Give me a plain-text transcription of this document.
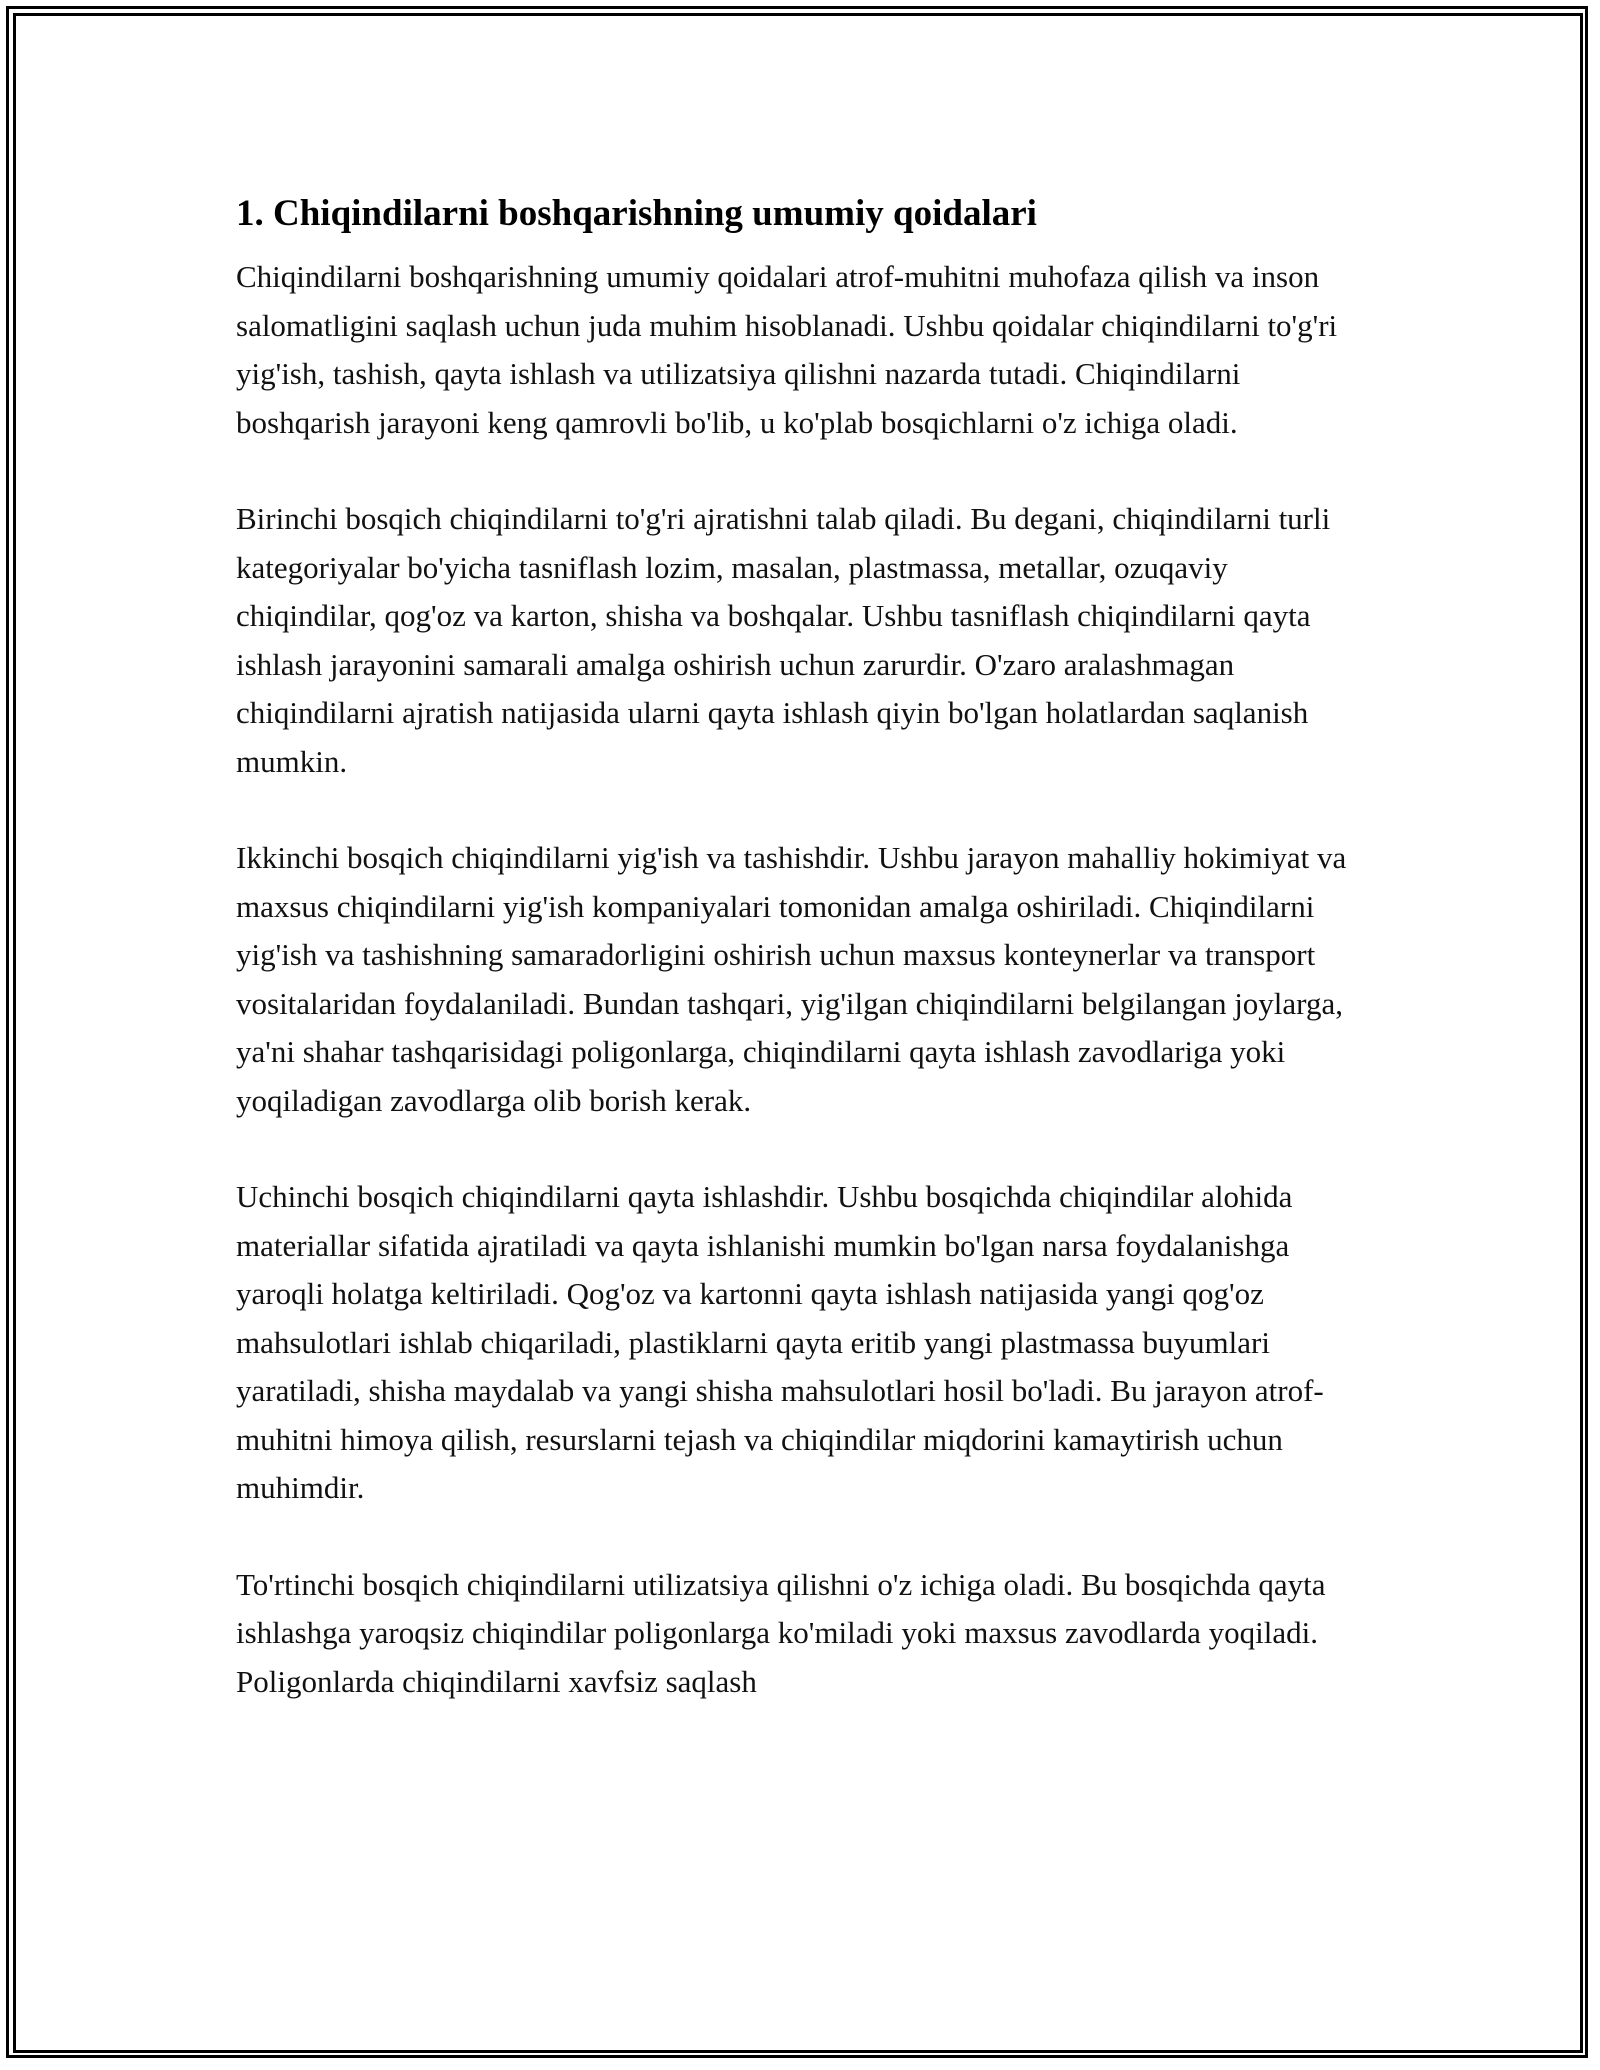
1. Chiqindilarni boshqarishning umumiy qoidalari

Chiqindilarni boshqarishning umumiy qoidalari atrof-muhitni muhofaza qilish va inson salomatligini saqlash uchun juda muhim hisoblanadi. Ushbu qoidalar chiqindilarni to'g'ri yig'ish, tashish, qayta ishlash va utilizatsiya qilishni nazarda tutadi. Chiqindilarni boshqarish jarayoni keng qamrovli bo'lib, u ko'plab bosqichlarni o'z ichiga oladi.

Birinchi bosqich chiqindilarni to'g'ri ajratishni talab qiladi. Bu degani, chiqindilarni turli kategoriyalar bo'yicha tasniflash lozim, masalan, plastmassa, metallar, ozuqaviy chiqindilar, qog'oz va karton, shisha va boshqalar. Ushbu tasniflash chiqindilarni qayta ishlash jarayonini samarali amalga oshirish uchun zarurdir. O'zaro aralashmagan chiqindilarni ajratish natijasida ularni qayta ishlash qiyin bo'lgan holatlardan saqlanish mumkin.

Ikkinchi bosqich chiqindilarni yig'ish va tashishdir. Ushbu jarayon mahalliy hokimiyat va maxsus chiqindilarni yig'ish kompaniyalari tomonidan amalga oshiriladi. Chiqindilarni yig'ish va tashishning samaradorligini oshirish uchun maxsus konteynerlar va transport vositalaridan foydalaniladi. Bundan tashqari, yig'ilgan chiqindilarni belgilangan joylarga, ya'ni shahar tashqarisidagi poligonlarga, chiqindilarni qayta ishlash zavodlariga yoki yoqiladigan zavodlarga olib borish kerak.

Uchinchi bosqich chiqindilarni qayta ishlashdir. Ushbu bosqichda chiqindilar alohida materiallar sifatida ajratiladi va qayta ishlanishi mumkin bo'lgan narsa foydalanishga yaroqli holatga keltiriladi. Qog'oz va kartonni qayta ishlash natijasida yangi qog'oz mahsulotlari ishlab chiqariladi, plastiklarni qayta eritib yangi plastmassa buyumlari yaratiladi, shisha maydalab va yangi shisha mahsulotlari hosil bo'ladi. Bu jarayon atrof-muhitni himoya qilish, resurslarni tejash va chiqindilar miqdorini kamaytirish uchun muhimdir.

To'rtinchi bosqich chiqindilarni utilizatsiya qilishni o'z ichiga oladi. Bu bosqichda qayta ishlashga yaroqsiz chiqindilar poligonlarga ko'miladi yoki maxsus zavodlarda yoqiladi. Poligonlarda chiqindilarni xavfsiz saqlash
